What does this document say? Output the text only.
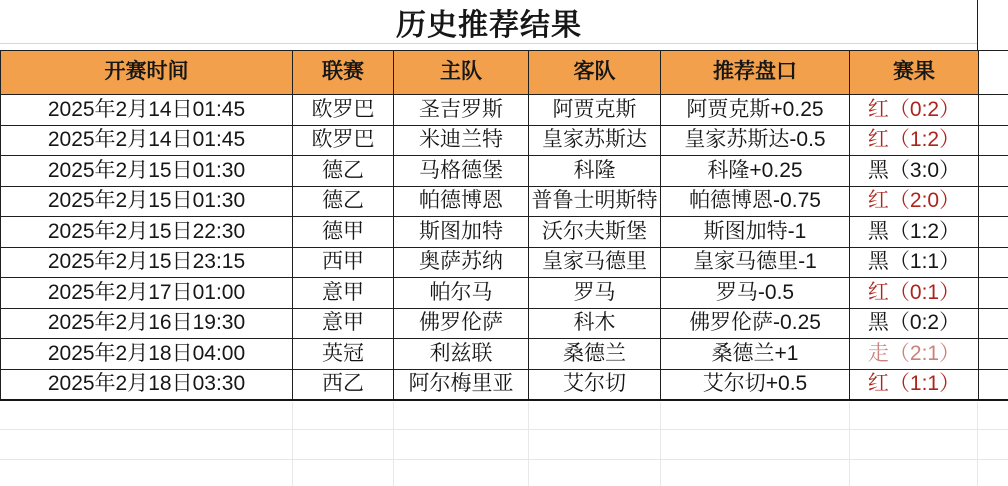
历史推荐结果
开赛时间	联赛	主队	客队	推荐盘口	赛果	
2025年2月14日01:45	欧罗巴	圣吉罗斯	阿贾克斯	阿贾克斯+0.25	红（0:2）	
2025年2月14日01:45	欧罗巴	米迪兰特	皇家苏斯达	皇家苏斯达-0.5	红（1:2）	
2025年2月15日01:30	德乙	马格德堡	科隆	科隆+0.25	黑（3:0）	
2025年2月15日01:30	德乙	帕德博恩	普鲁士明斯特	帕德博恩-0.75	红（2:0）	
2025年2月15日22:30	德甲	斯图加特	沃尔夫斯堡	斯图加特-1	黑（1:2）	
2025年2月15日23:15	西甲	奥萨苏纳	皇家马德里	皇家马德里-1	黑（1:1）	
2025年2月17日01:00	意甲	帕尔马	罗马	罗马-0.5	红（0:1）	
2025年2月16日19:30	意甲	佛罗伦萨	科木	佛罗伦萨-0.25	黑（0:2）	
2025年2月18日04:00	英冠	利兹联	桑德兰	桑德兰+1	走（2:1）	
2025年2月18日03:30	西乙	阿尔梅里亚	艾尔切	艾尔切+0.5	红（1:1）	
